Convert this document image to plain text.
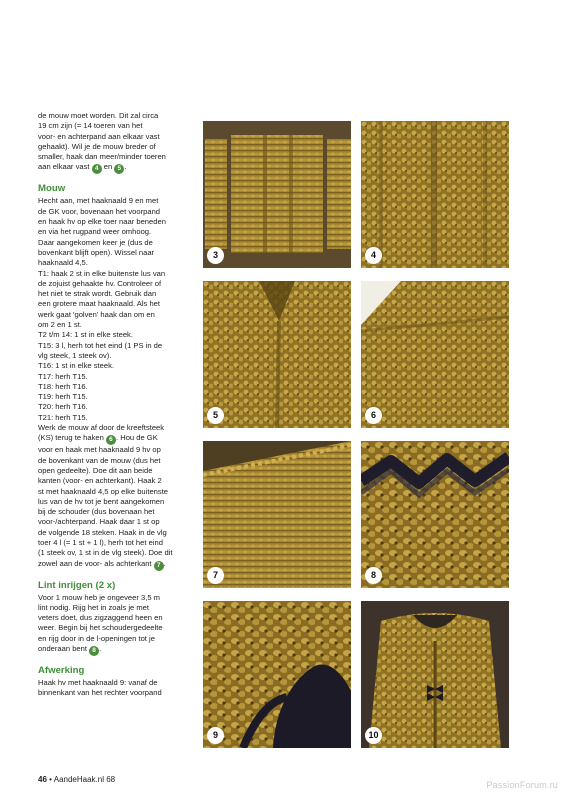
de mouw moet worden. Dit zal circa
19 cm zijn (= 14 toeren van het
voor- en achterpand aan elkaar vast
gehaakt). Wil je de mouw breder of
smaller, haak dan meer/minder toeren
aan elkaar vast 4 en 5 .

Mouw

Hecht aan, met haaknaald 9 en met
de GK voor, bovenaan het voorpand
en haak hv op elke toer naar beneden
en via het rugpand weer omhoog.
Daar aangekomen keer je (dus de
bovenkant blijft open). Wissel naar
haaknaald 4,5.
T1: haak 2 st in elke buitenste lus van
de zojuist gehaakte hv. Controleer of
het niet te strak wordt. Gebruik dan
een grotere maat haaknaald. Als het
werk gaat 'golven' haak dan om en
om 2 en 1 st.
T2 t/m 14: 1 st in elke steek.
T15: 3 l, herh tot het eind (1 PS in de
vlg steek, 1 steek ov).
T16: 1 st in elke steek.
T17: herh T15.
T18: herh T16.
T19: herh T15.
T20: herh T16.
T21: herh T15.
Werk de mouw af door de kreeftsteek
(KS) terug te haken 6 . Hou de GK
voor en haak met haaknaald 9 hv op
de bovenkant van de mouw (dus het
open gedeelte). Doe dit aan beide
kanten (voor- en achterkant). Haak 2
st met haaknaald 4,5 op elke buitenste
lus van de hv tot je bent aangekomen
bij de schouder (dus bovenaan het
voor-/achterpand. Haak daar 1 st op
de volgende 18 steken. Haak in de vlg
toer 4 l (= 1 st + 1 l), herh tot het eind
(1 steek ov, 1 st in de vlg steek). Doe dit
zowel aan de voor- als achterkant 7 .

Lint inrijgen (2 x)

Voor 1 mouw heb je ongeveer 3,5 m
lint nodig. Rijg het in zoals je met
veters doet, dus zigzaggend heen en
weer. Begin bij het schoudergedeelte
en rijg door in de l-openingen tot je
onderaan bent 8 .

Afwerking

Haak hv met haaknaald 9: vanaf de
binnenkant van het rechter voorpand

3	4
5	6
7	8
9	10
46 • AandeHaak.nl 68
PassionForum.ru
